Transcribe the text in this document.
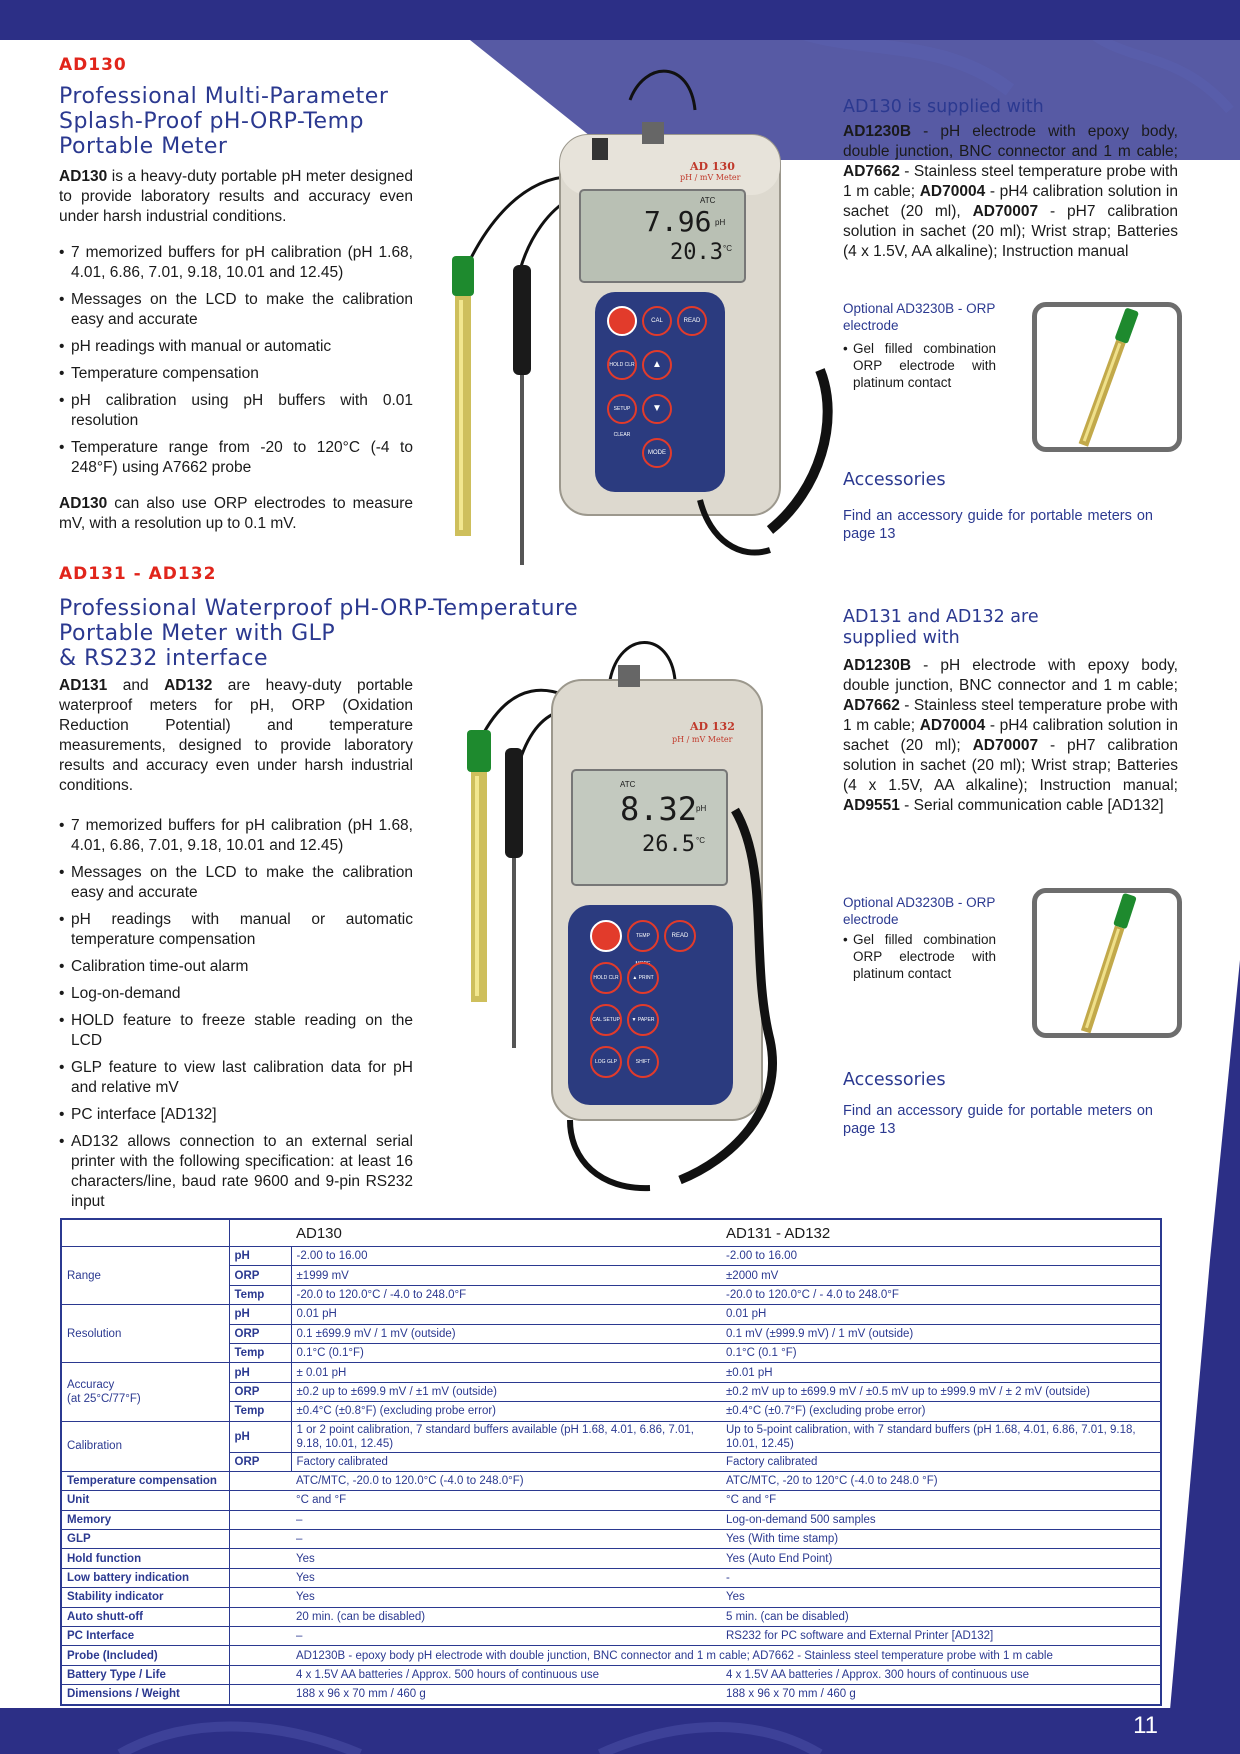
AD130
Professional Multi-Parameter
Splash-Proof pH-ORP-Temp
Portable Meter
AD130 is a heavy-duty portable pH meter designed to provide laboratory results and accuracy even under harsh industrial conditions.
• 7 memorized buffers for pH calibration (pH 1.68, 4.01, 6.86, 7.01, 9.18, 10.01 and 12.45)
• Messages on the LCD to make the calibration easy and accurate
• pH readings with manual or automatic
• Temperature compensation
• pH calibration using pH buffers with 0.01 resolution
• Temperature range from -20 to 120°C (-4 to 248°F) using A7662 probe
AD130 can also use ORP electrodes to measure mV, with a resolution up to 0.1 mV.
AD 130
pH / mV Meter
ATC
7.96 pH
20.3 °C
CAL	READ
HOLD CLR	▲
SETUP CLEAR
▼
MODE
AD130 is supplied with
AD1230B - pH electrode with epoxy body, double junction, BNC connector and 1 m cable; AD7662 - Stainless steel temperature probe with 1 m cable; AD70004 - pH4 calibration solution in sachet (20 ml), AD70007 - pH7 calibration solution in sachet (20 ml); Wrist strap; Batteries (4 x 1.5V, AA alkaline); Instruction manual
Optional AD3230B - ORP electrode
• Gel filled combination ORP electrode with platinum contact
Accessories
Find an accessory guide for portable meters on page 13
AD131 - AD132
Professional Waterproof pH-ORP-Temperature
Portable Meter with GLP
& RS232 interface
AD131 and AD132 are heavy-duty portable waterproof meters for pH, ORP (Oxidation Reduction Potential) and temperature measurements, designed to provide laboratory results and accuracy even under harsh industrial conditions.
• 7 memorized buffers for pH calibration (pH 1.68, 4.01, 6.86, 7.01, 9.18, 10.01 and 12.45)
• Messages on the LCD to make the calibration easy and accurate
• pH readings with manual or automatic temperature compensation
• Calibration time-out alarm
• Log-on-demand
• HOLD feature to freeze stable reading on the LCD
• GLP feature to view last calibration data for pH and relative mV
• PC interface [AD132]
• AD132 allows connection to an external serial printer with the following specification: at least 16 characters/line, baud rate 9600 and 9-pin RS232 input
AD 132
pH / mV Meter
ATC
8.32
pH
26.5 °C
TEMP	READ
HOLD CLR	▲ PRINT
CAL SETUP	▼ PAPER
LOG GLP	SHIFT
AD131 and AD132 are
supplied with
AD1230B - pH electrode with epoxy body, double junction, BNC connector and 1 m cable; AD7662 - Stainless steel temperature probe with 1 m cable; AD70004 - pH4 calibration solution in sachet (20 ml); AD70007 - pH7 calibration solution in sachet (20 ml); Wrist strap; Batteries (4 x 1.5V, AA alkaline); Instruction manual; AD9551 - Serial communication cable [AD132]
Optional AD3230B - ORP electrode
• Gel filled combination ORP electrode with platinum contact
Accessories
Find an accessory guide for portable meters on page 13
		AD130	AD131 - AD132
Range	pH	-2.00 to 16.00	-2.00 to 16.00
	ORP	±1999 mV	±2000 mV
	Temp	-20.0 to 120.0°C / -4.0 to 248.0°F	-20.0 to 120.0°C / - 4.0 to 248.0°F
Resolution	pH	0.01 pH	0.01 pH
	ORP	0.1 ±699.9 mV / 1 mV (outside)	0.1 mV (±999.9 mV) / 1 mV (outside)
	Temp	0.1°C (0.1°F)	0.1°C (0.1 °F)
Accuracy
(at 25°C/77°F)	pH	± 0.01 pH	±0.01 pH
	ORP	±0.2 up to ±699.9 mV / ±1 mV (outside)	±0.2 mV up to ±699.9 mV / ±0.5 mV up to ±999.9 mV / ± 2 mV (outside)
	Temp	±0.4°C (±0.8°F) (excluding probe error)	±0.4°C (±0.7°F) (excluding probe error)
Calibration	pH	1 or 2 point calibration, 7 standard buffers available (pH 1.68, 4.01, 6.86, 7.01, 9.18, 10.01, 12.45)	Up to 5-point calibration, with 7 standard buffers (pH 1.68, 4.01, 6.86, 7.01, 9.18, 10.01, 12.45)
	ORP	Factory calibrated	Factory calibrated
Temperature compensation		ATC/MTC, -20.0 to 120.0°C (-4.0 to 248.0°F)	ATC/MTC, -20 to 120°C (-4.0 to 248.0 °F)
Unit		°C and °F	°C and °F
Memory		–	Log-on-demand 500 samples
GLP		–	Yes (With time stamp)
Hold function		Yes	Yes (Auto End Point)
Low battery indication		Yes	-
Stability indicator		Yes	Yes
Auto shutt-off		20 min. (can be disabled)	5 min. (can be disabled)
PC Interface		–	RS232 for PC software and External Printer [AD132]
Probe (Included)		AD1230B - epoxy body pH electrode with double junction, BNC connector and 1 m cable; AD7662 - Stainless steel temperature probe with 1 m cable	
Battery Type / Life		4 x 1.5V AA batteries / Approx. 500 hours of continuous use	4 x 1.5V AA batteries / Approx. 300 hours of continuous use
Dimensions / Weight		188 x 96 x 70 mm / 460 g	188 x 96 x 70 mm / 460 g
11
